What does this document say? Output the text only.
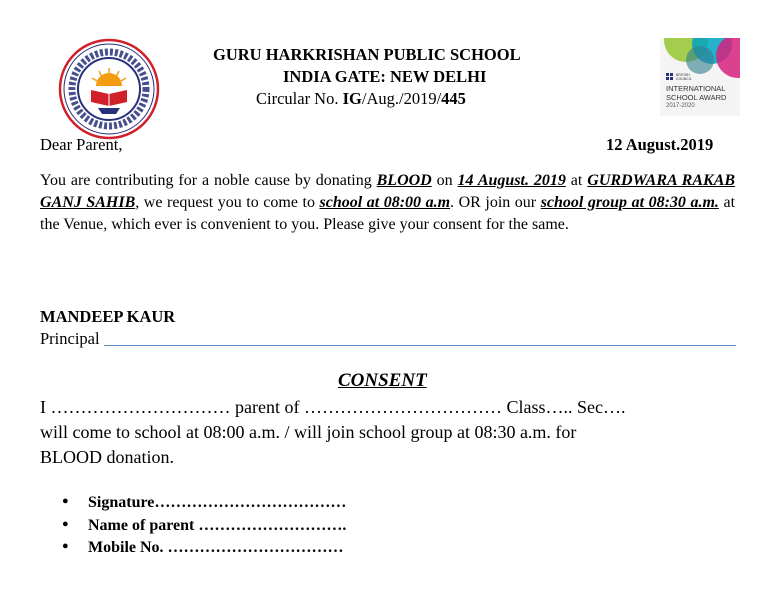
GURU HARKRISHAN PUBLIC SCHOOL
INDIA GATE: NEW DELHI
Circular No. IG/Aug./2019/445
BRITISH COUNCIL
INTERNATIONAL
SCHOOL AWARD
2017-2020
Dear Parent,	12 August.2019
You are contributing for a noble cause by donating BLOOD on 14 August. 2019 at GURDWARA RAKAB GANJ SAHIB, we request you to come to school at 08:00 a.m. OR join our school group at 08:30 a.m. at the Venue, which ever is convenient to you. Please give your consent for the same.
MANDEEP KAUR
Principal
CONSENT
I ………………………… parent of …………………………… Class….. Sec….
will come to school at 08:00 a.m. / will join school group at 08:30 a.m. for
BLOOD donation.
● Signature………………………………
● Name of parent ……………………….
● Mobile No. ……………………………
